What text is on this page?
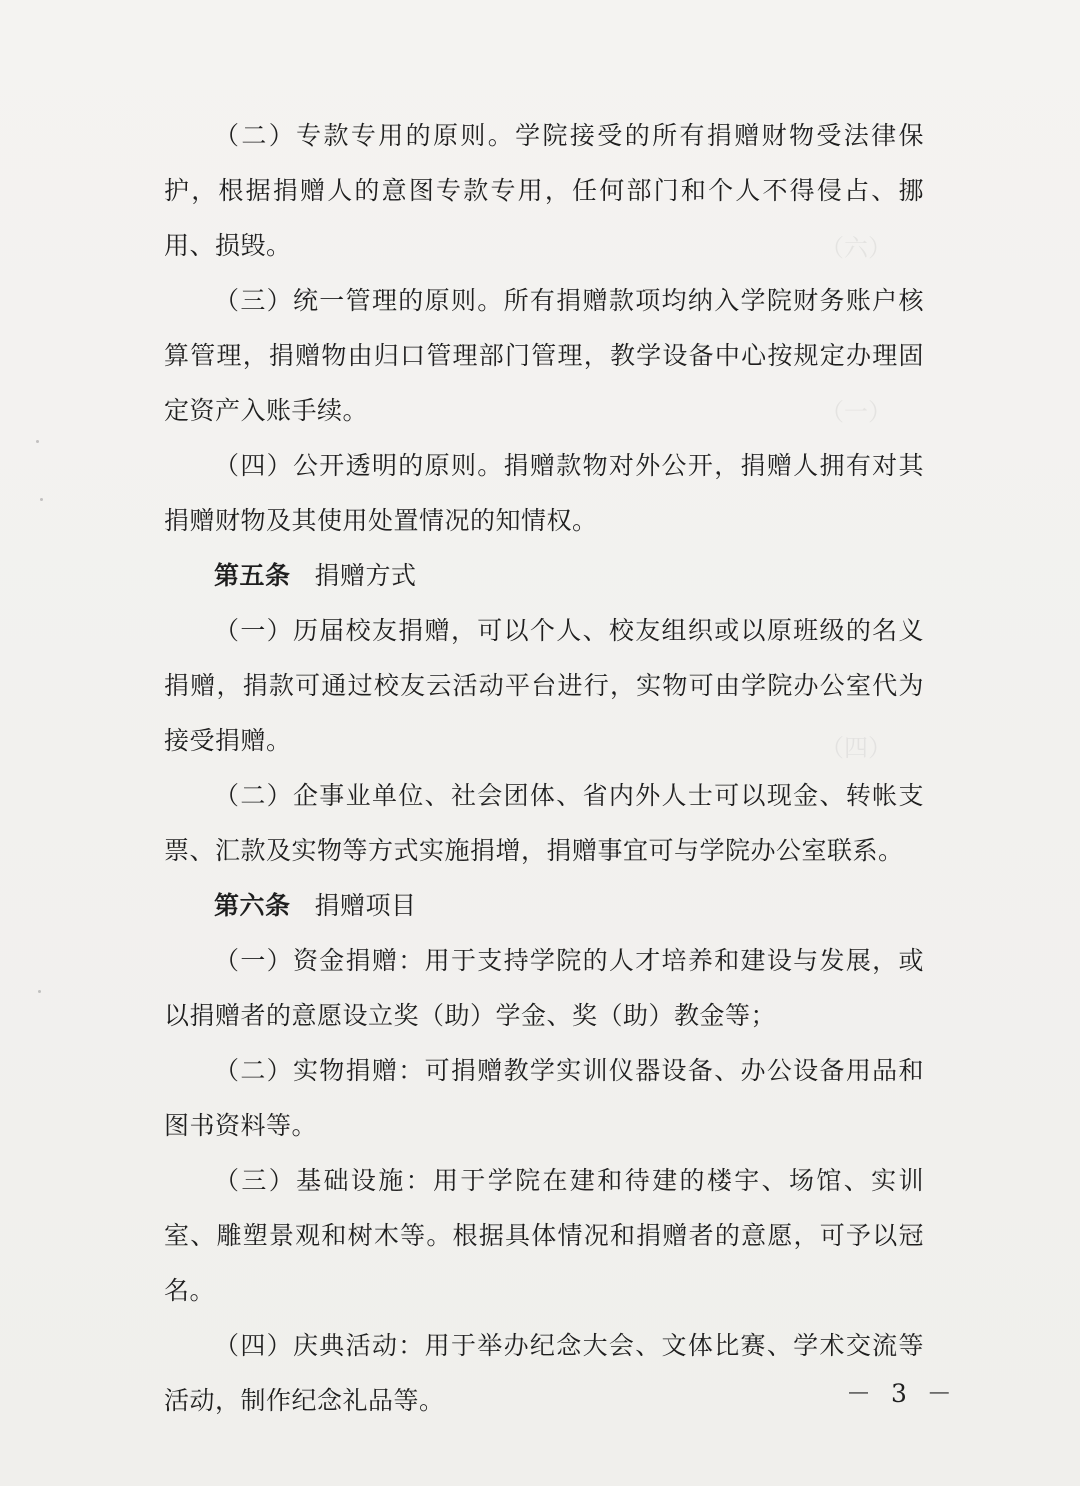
（六）
（一）
（四）

（二）专款专用的原则。学院接受的所有捐赠财物受法律保护，根据捐赠人的意图专款专用，任何部门和个人不得侵占、挪用、损毁。

（三）统一管理的原则。所有捐赠款项均纳入学院财务账户核算管理，捐赠物由归口管理部门管理，教学设备中心按规定办理固定资产入账手续。

（四）公开透明的原则。捐赠款物对外公开，捐赠人拥有对其捐赠财物及其使用处置情况的知情权。

第五条 捐赠方式

（一）历届校友捐赠，可以个人、校友组织或以原班级的名义捐赠，捐款可通过校友云活动平台进行，实物可由学院办公室代为接受捐赠。

（二）企事业单位、社会团体、省内外人士可以现金、转帐支票、汇款及实物等方式实施捐增，捐赠事宜可与学院办公室联系。

第六条 捐赠项目

（一）资金捐赠：用于支持学院的人才培养和建设与发展，或以捐赠者的意愿设立奖（助）学金、奖（助）教金等；

（二）实物捐赠：可捐赠教学实训仪器设备、办公设备用品和图书资料等。

（三）基础设施：用于学院在建和待建的楼宇、场馆、实训室、雕塑景观和树木等。根据具体情况和捐赠者的意愿，可予以冠名。

（四）庆典活动：用于举办纪念大会、文体比赛、学术交流等活动，制作纪念礼品等。	－ 3 －
